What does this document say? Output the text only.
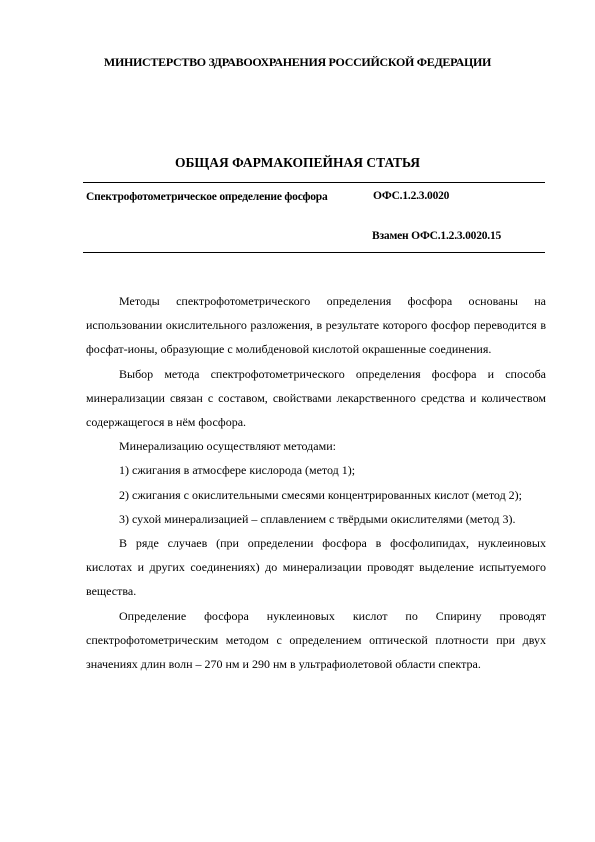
МИНИСТЕРСТВО ЗДРАВООХРАНЕНИЯ РОССИЙСКОЙ ФЕДЕРАЦИИ
ОБЩАЯ ФАРМАКОПЕЙНАЯ СТАТЬЯ
Спектрофотометрическое определение фосфора	ОФС.1.2.3.0020
Взамен ОФС.1.2.3.0020.15

Методы спектрофотометрического определения фосфора основаны на использовании окислительного разложения, в результате которого фосфор переводится в фосфат-ионы, образующие с молибденовой кислотой окрашенные соединения.

Выбор метода спектрофотометрического определения фосфора и способа минерализации связан с составом, свойствами лекарственного средства и количеством содержащегося в нём фосфора.

Минерализацию осуществляют методами:

1) сжигания в атмосфере кислорода (метод 1);

2) сжигания с окислительными смесями концентрированных кислот (метод 2);

3) сухой минерализацией – сплавлением с твёрдыми окислителями (метод 3).

В ряде случаев (при определении фосфора в фосфолипидах, нуклеиновых кислотах и других соединениях) до минерализации проводят выделение испытуемого вещества.

Определение фосфора нуклеиновых кислот по Спирину проводят спектрофотометрическим методом с определением оптической плотности при двух значениях длин волн – 270 нм и 290 нм в ультрафиолетовой области спектра.
